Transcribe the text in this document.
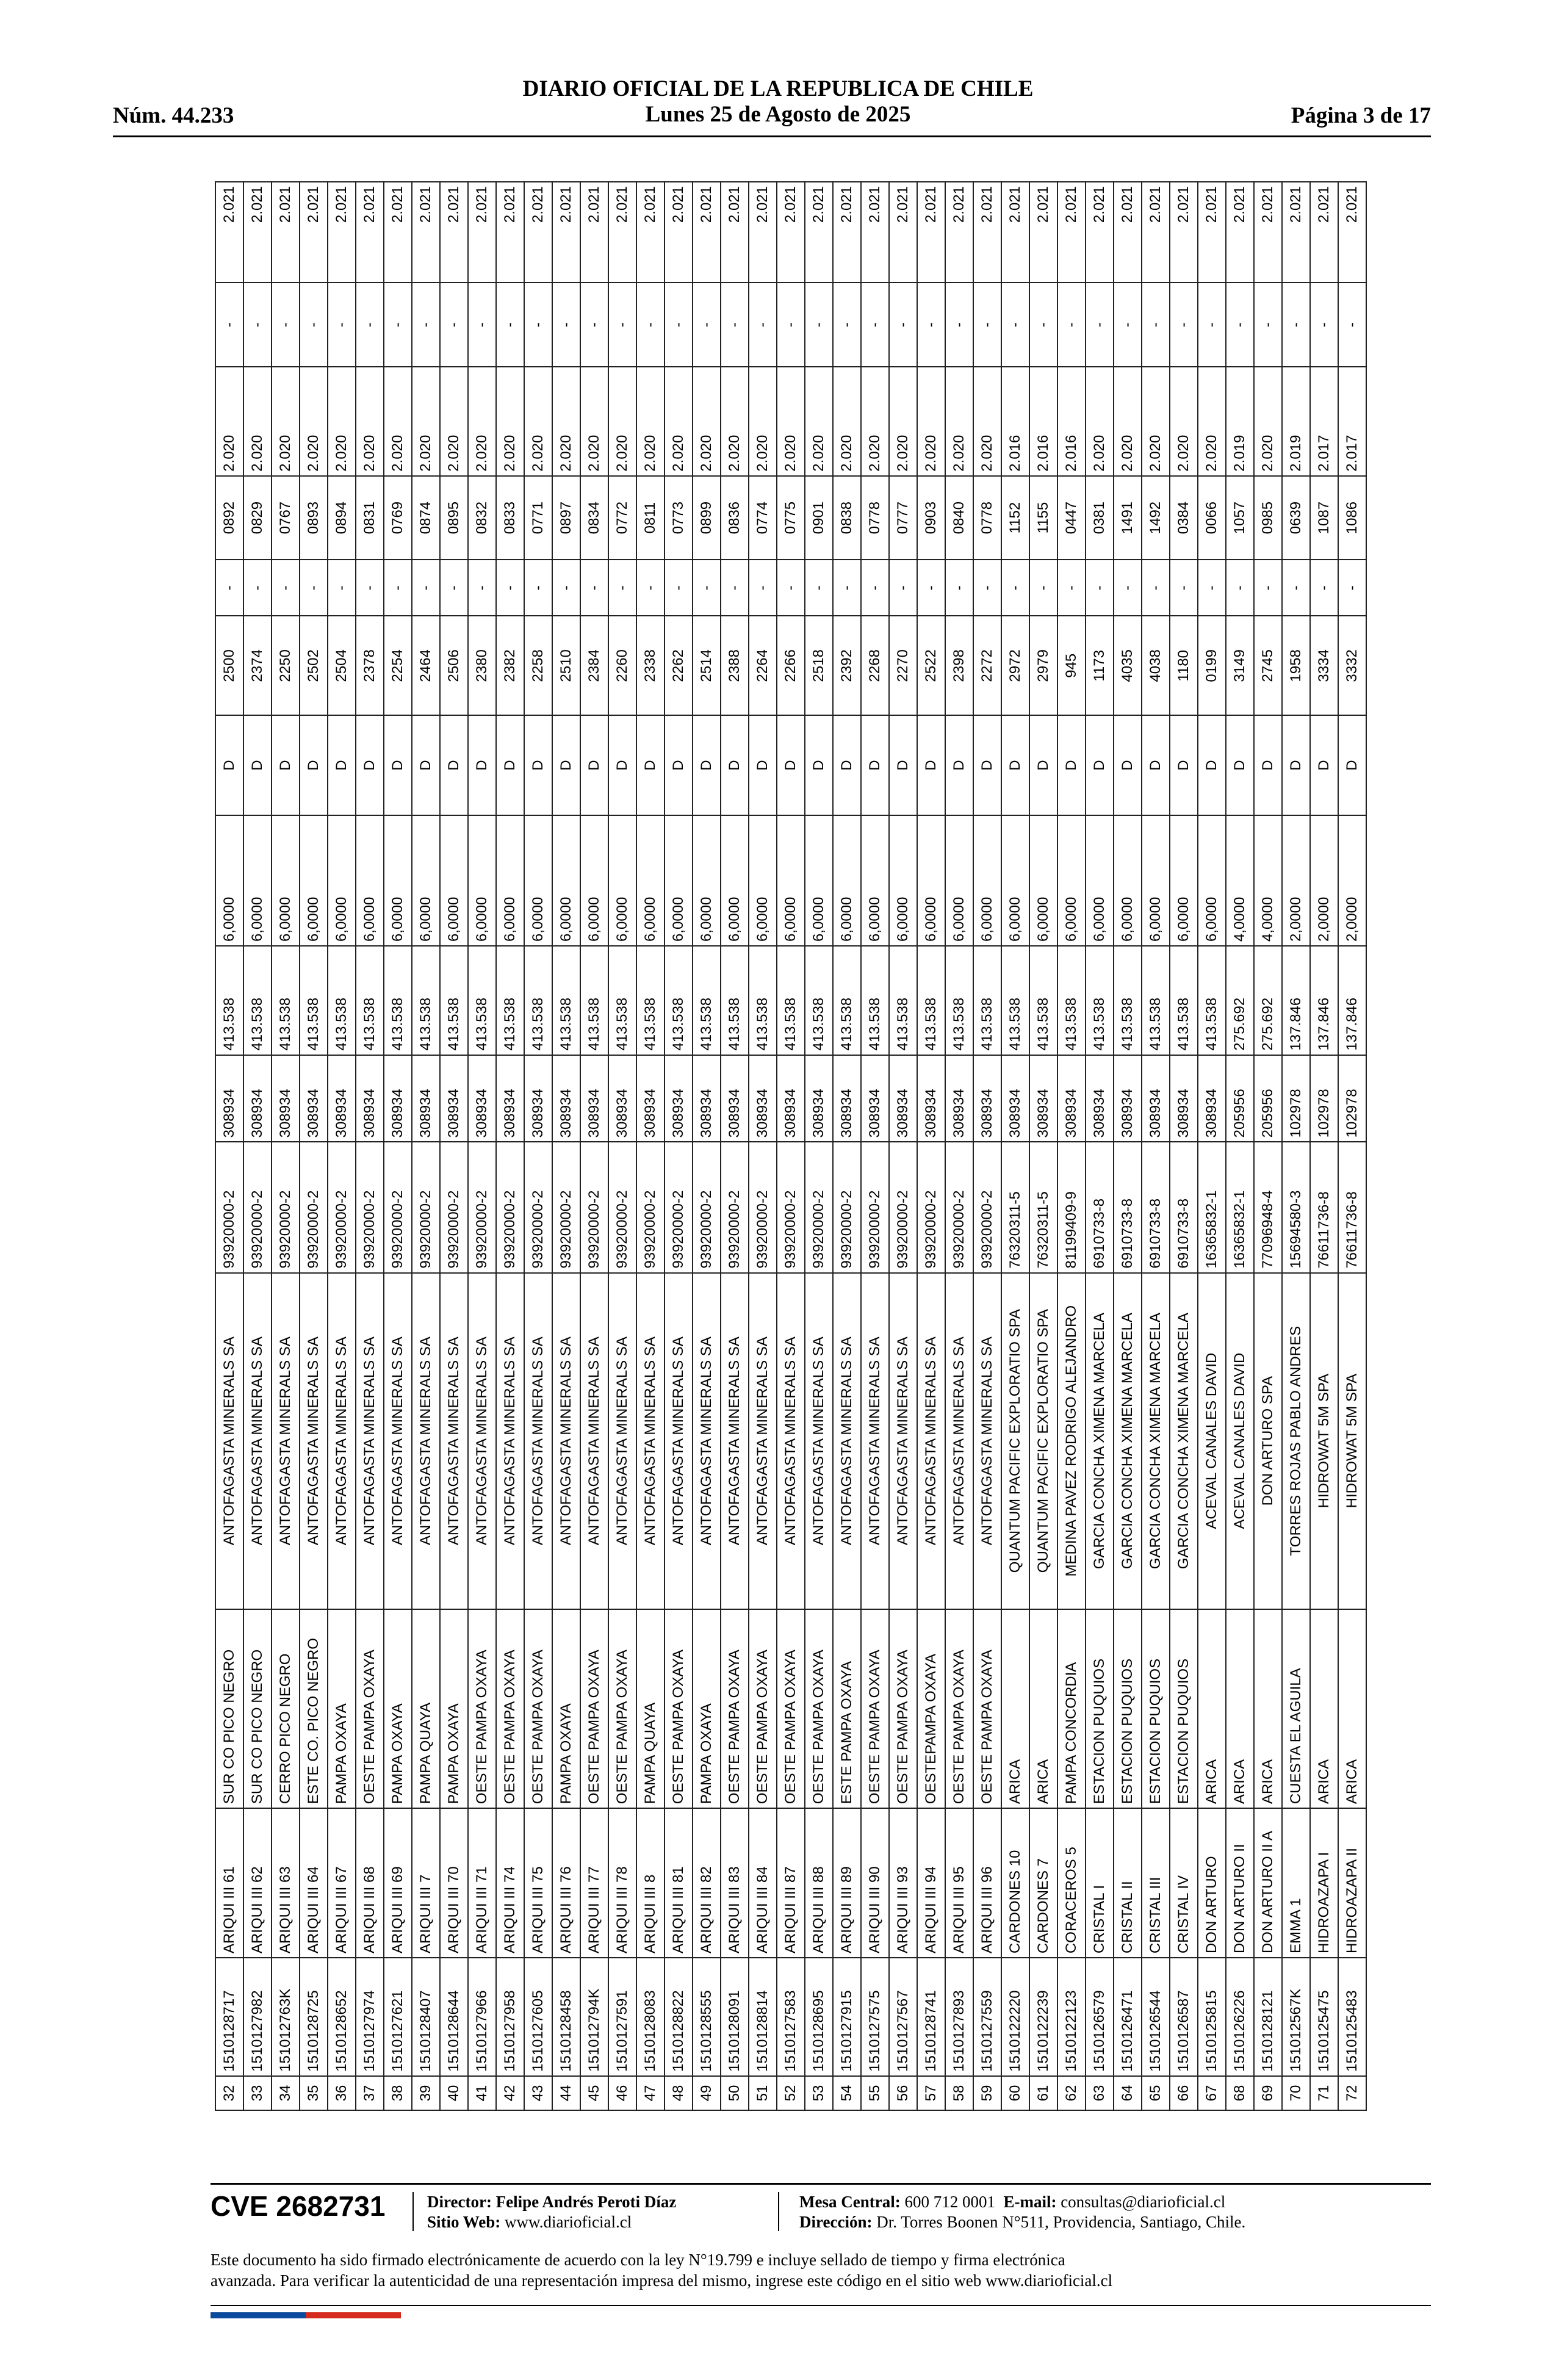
Núm. 44.233
DIARIO OFICIAL DE LA REPUBLICA DE CHILE
Lunes 25 de Agosto de 2025	Página 3 de 17
32	1510128717	ARIQUI III 61	SUR CO PICO NEGRO	ANTOFAGASTA MINERALS SA	93920000-2	308934	413.538	6,0000	D	2500	-	0892	2.020	-	2.021
33	1510127982	ARIQUI III 62	SUR CO PICO NEGRO	ANTOFAGASTA MINERALS SA	93920000-2	308934	413.538	6,0000	D	2374	-	0829	2.020	-	2.021
34	151012763K	ARIQUI III 63	CERRO PICO NEGRO	ANTOFAGASTA MINERALS SA	93920000-2	308934	413.538	6,0000	D	2250	-	0767	2.020	-	2.021
35	1510128725	ARIQUI III 64	ESTE CO. PICO NEGRO	ANTOFAGASTA MINERALS SA	93920000-2	308934	413.538	6,0000	D	2502	-	0893	2.020	-	2.021
36	1510128652	ARIQUI III 67	PAMPA OXAYA	ANTOFAGASTA MINERALS SA	93920000-2	308934	413.538	6,0000	D	2504	-	0894	2.020	-	2.021
37	1510127974	ARIQUI III 68	OESTE PAMPA OXAYA	ANTOFAGASTA MINERALS SA	93920000-2	308934	413.538	6,0000	D	2378	-	0831	2.020	-	2.021
38	1510127621	ARIQUI III 69	PAMPA OXAYA	ANTOFAGASTA MINERALS SA	93920000-2	308934	413.538	6,0000	D	2254	-	0769	2.020	-	2.021
39	1510128407	ARIQUI III 7	PAMPA QUAYA	ANTOFAGASTA MINERALS SA	93920000-2	308934	413.538	6,0000	D	2464	-	0874	2.020	-	2.021
40	1510128644	ARIQUI III 70	PAMPA OXAYA	ANTOFAGASTA MINERALS SA	93920000-2	308934	413.538	6,0000	D	2506	-	0895	2.020	-	2.021
41	1510127966	ARIQUI III 71	OESTE PAMPA OXAYA	ANTOFAGASTA MINERALS SA	93920000-2	308934	413.538	6,0000	D	2380	-	0832	2.020	-	2.021
42	1510127958	ARIQUI III 74	OESTE PAMPA OXAYA	ANTOFAGASTA MINERALS SA	93920000-2	308934	413.538	6,0000	D	2382	-	0833	2.020	-	2.021
43	1510127605	ARIQUI III 75	OESTE PAMPA OXAYA	ANTOFAGASTA MINERALS SA	93920000-2	308934	413.538	6,0000	D	2258	-	0771	2.020	-	2.021
44	1510128458	ARIQUI III 76	PAMPA OXAYA	ANTOFAGASTA MINERALS SA	93920000-2	308934	413.538	6,0000	D	2510	-	0897	2.020	-	2.021
45	151012794K	ARIQUI III 77	OESTE PAMPA OXAYA	ANTOFAGASTA MINERALS SA	93920000-2	308934	413.538	6,0000	D	2384	-	0834	2.020	-	2.021
46	1510127591	ARIQUI III 78	OESTE PAMPA OXAYA	ANTOFAGASTA MINERALS SA	93920000-2	308934	413.538	6,0000	D	2260	-	0772	2.020	-	2.021
47	1510128083	ARIQUI III 8	PAMPA QUAYA	ANTOFAGASTA MINERALS SA	93920000-2	308934	413.538	6,0000	D	2338	-	0811	2.020	-	2.021
48	1510128822	ARIQUI III 81	OESTE PAMPA OXAYA	ANTOFAGASTA MINERALS SA	93920000-2	308934	413.538	6,0000	D	2262	-	0773	2.020	-	2.021
49	1510128555	ARIQUI III 82	PAMPA OXAYA	ANTOFAGASTA MINERALS SA	93920000-2	308934	413.538	6,0000	D	2514	-	0899	2.020	-	2.021
50	1510128091	ARIQUI III 83	OESTE PAMPA OXAYA	ANTOFAGASTA MINERALS SA	93920000-2	308934	413.538	6,0000	D	2388	-	0836	2.020	-	2.021
51	1510128814	ARIQUI III 84	OESTE PAMPA OXAYA	ANTOFAGASTA MINERALS SA	93920000-2	308934	413.538	6,0000	D	2264	-	0774	2.020	-	2.021
52	1510127583	ARIQUI III 87	OESTE PAMPA OXAYA	ANTOFAGASTA MINERALS SA	93920000-2	308934	413.538	6,0000	D	2266	-	0775	2.020	-	2.021
53	1510128695	ARIQUI III 88	OESTE PAMPA OXAYA	ANTOFAGASTA MINERALS SA	93920000-2	308934	413.538	6,0000	D	2518	-	0901	2.020	-	2.021
54	1510127915	ARIQUI III 89	ESTE PAMPA OXAYA	ANTOFAGASTA MINERALS SA	93920000-2	308934	413.538	6,0000	D	2392	-	0838	2.020	-	2.021
55	1510127575	ARIQUI III 90	OESTE PAMPA OXAYA	ANTOFAGASTA MINERALS SA	93920000-2	308934	413.538	6,0000	D	2268	-	0778	2.020	-	2.021
56	1510127567	ARIQUI III 93	OESTE PAMPA OXAYA	ANTOFAGASTA MINERALS SA	93920000-2	308934	413.538	6,0000	D	2270	-	0777	2.020	-	2.021
57	1510128741	ARIQUI III 94	OESTEPAMPA OXAYA	ANTOFAGASTA MINERALS SA	93920000-2	308934	413.538	6,0000	D	2522	-	0903	2.020	-	2.021
58	1510127893	ARIQUI III 95	OESTE PAMPA OXAYA	ANTOFAGASTA MINERALS SA	93920000-2	308934	413.538	6,0000	D	2398	-	0840	2.020	-	2.021
59	1510127559	ARIQUI III 96	OESTE PAMPA OXAYA	ANTOFAGASTA MINERALS SA	93920000-2	308934	413.538	6,0000	D	2272	-	0778	2.020	-	2.021
60	1510122220	CARDONES 10	ARICA	QUANTUM PACIFIC EXPLORATIO SPA	76320311-5	308934	413.538	6,0000	D	2972	-	1152	2.016	-	2.021
61	1510122239	CARDONES 7	ARICA	QUANTUM PACIFIC EXPLORATIO SPA	76320311-5	308934	413.538	6,0000	D	2979	-	1155	2.016	-	2.021
62	1510122123	CORACEROS 5	PAMPA CONCORDIA	MEDINA PAVEZ RODRIGO ALEJANDRO	81199409-9	308934	413.538	6,0000	D	945	-	0447	2.016	-	2.021
63	1510126579	CRISTAL I	ESTACION PUQUIOS	GARCIA CONCHA XIMENA MARCELA	6910733-8	308934	413.538	6,0000	D	1173	-	0381	2.020	-	2.021
64	1510126471	CRISTAL II	ESTACION PUQUIOS	GARCIA CONCHA XIMENA MARCELA	6910733-8	308934	413.538	6,0000	D	4035	-	1491	2.020	-	2.021
65	1510126544	CRISTAL III	ESTACION PUQUIOS	GARCIA CONCHA XIMENA MARCELA	6910733-8	308934	413.538	6,0000	D	4038	-	1492	2.020	-	2.021
66	1510126587	CRISTAL IV	ESTACION PUQUIOS	GARCIA CONCHA XIMENA MARCELA	6910733-8	308934	413.538	6,0000	D	1180	-	0384	2.020	-	2.021
67	1510125815	DON ARTURO	ARICA	ACEVAL CANALES DAVID	16365832-1	308934	413.538	6,0000	D	0199	-	0066	2.020	-	2.021
68	1510126226	DON ARTURO II	ARICA	ACEVAL CANALES DAVID	16365832-1	205956	275.692	4,0000	D	3149	-	1057	2.019	-	2.021
69	1510128121	DON ARTURO II A	ARICA	DON ARTURO SPA	77096948-4	205956	275.692	4,0000	D	2745	-	0985	2.020	-	2.021
70	151012567K	EMMA 1	CUESTA EL AGUILA	TORRES ROJAS PABLO ANDRES	15694580-3	102978	137.846	2,0000	D	1958	-	0639	2.019	-	2.021
71	1510125475	HIDROAZAPA I	ARICA	HIDROWAT 5M SPA	76611736-8	102978	137.846	2,0000	D	3334	-	1087	2.017	-	2.021
72	1510125483	HIDROAZAPA II	ARICA	HIDROWAT 5M SPA	76611736-8	102978	137.846	2,0000	D	3332	-	1086	2.017	-	2.021
CVE 2682731	Director: Felipe Andrés Peroti Díaz
Sitio Web: www.diarioficial.cl
Mesa Central: 600 712 0001 E-mail: consultas@diarioficial.cl
Dirección: Dr. Torres Boonen N°511, Providencia, Santiago, Chile.
Este documento ha sido firmado electrónicamente de acuerdo con la ley N°19.799 e incluye sellado de tiempo y firma electrónica
avanzada. Para verificar la autenticidad de una representación impresa del mismo, ingrese este código en el sitio web www.diarioficial.cl
